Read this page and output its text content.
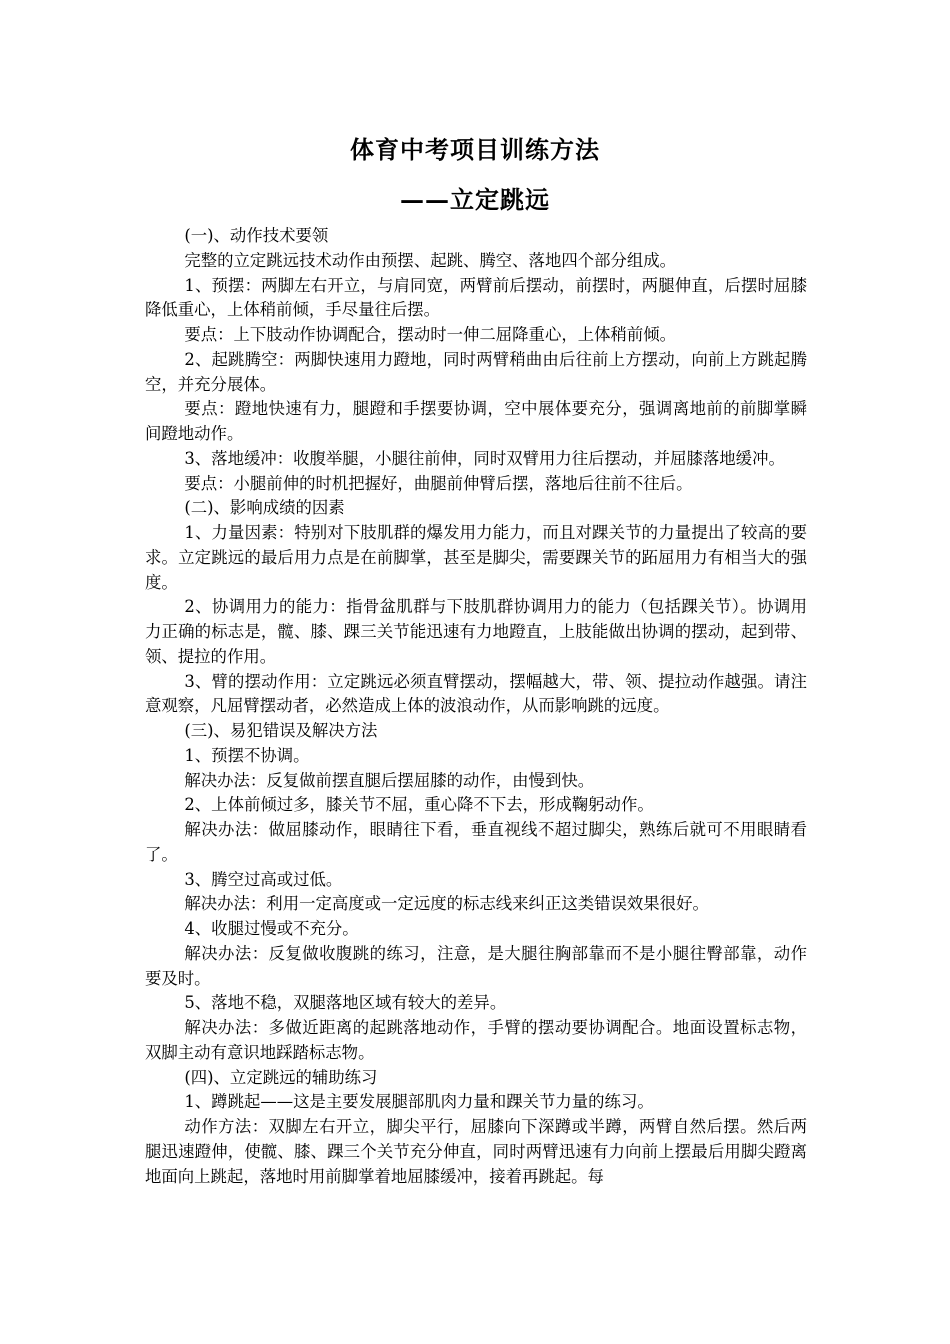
体育中考项目训练方法
——立定跳远

(一)、动作技术要领

完整的立定跳远技术动作由预摆、起跳、腾空、落地四个部分组成。

1、预摆：两脚左右开立，与肩同宽，两臂前后摆动，前摆时，两腿伸直，后摆时屈膝降低重心，上体稍前倾，手尽量往后摆。

要点：上下肢动作协调配合，摆动时一伸二屈降重心，上体稍前倾。

2、起跳腾空：两脚快速用力蹬地，同时两臂稍曲由后往前上方摆动，向前上方跳起腾空，并充分展体。

要点：蹬地快速有力，腿蹬和手摆要协调，空中展体要充分，强调离地前的前脚掌瞬间蹬地动作。

3、落地缓冲：收腹举腿，小腿往前伸，同时双臂用力往后摆动，并屈膝落地缓冲。

要点：小腿前伸的时机把握好，曲腿前伸臂后摆，落地后往前不往后。

(二)、影响成绩的因素

1、力量因素：特别对下肢肌群的爆发用力能力，而且对踝关节的力量提出了较高的要求。立定跳远的最后用力点是在前脚掌，甚至是脚尖，需要踝关节的跖屈用力有相当大的强度。

2、协调用力的能力：指骨盆肌群与下肢肌群协调用力的能力（包括踝关节）。协调用力正确的标志是，髋、膝、踝三关节能迅速有力地蹬直，上肢能做出协调的摆动，起到带、领、提拉的作用。

3、臂的摆动作用：立定跳远必须直臂摆动，摆幅越大，带、领、提拉动作越强。请注意观察，凡屈臂摆动者，必然造成上体的波浪动作，从而影响跳的远度。

(三)、易犯错误及解决方法

1、预摆不协调。

解决办法：反复做前摆直腿后摆屈膝的动作，由慢到快。

2、上体前倾过多，膝关节不屈，重心降不下去，形成鞠躬动作。

解决办法：做屈膝动作，眼睛往下看，垂直视线不超过脚尖，熟练后就可不用眼睛看了。

3、腾空过高或过低。

解决办法：利用一定高度或一定远度的标志线来纠正这类错误效果很好。

4、收腿过慢或不充分。

解决办法：反复做收腹跳的练习，注意，是大腿往胸部靠而不是小腿往臀部靠，动作要及时。

5、落地不稳，双腿落地区域有较大的差异。

解决办法：多做近距离的起跳落地动作，手臂的摆动要协调配合。地面设置标志物，双脚主动有意识地踩踏标志物。

(四)、立定跳远的辅助练习

1、蹲跳起——这是主要发展腿部肌肉力量和踝关节力量的练习。

动作方法：双脚左右开立，脚尖平行，屈膝向下深蹲或半蹲，两臂自然后摆。然后两腿迅速蹬伸，使髋、膝、踝三个关节充分伸直，同时两臂迅速有力向前上摆最后用脚尖蹬离地面向上跳起，落地时用前脚掌着地屈膝缓冲，接着再跳起。每
